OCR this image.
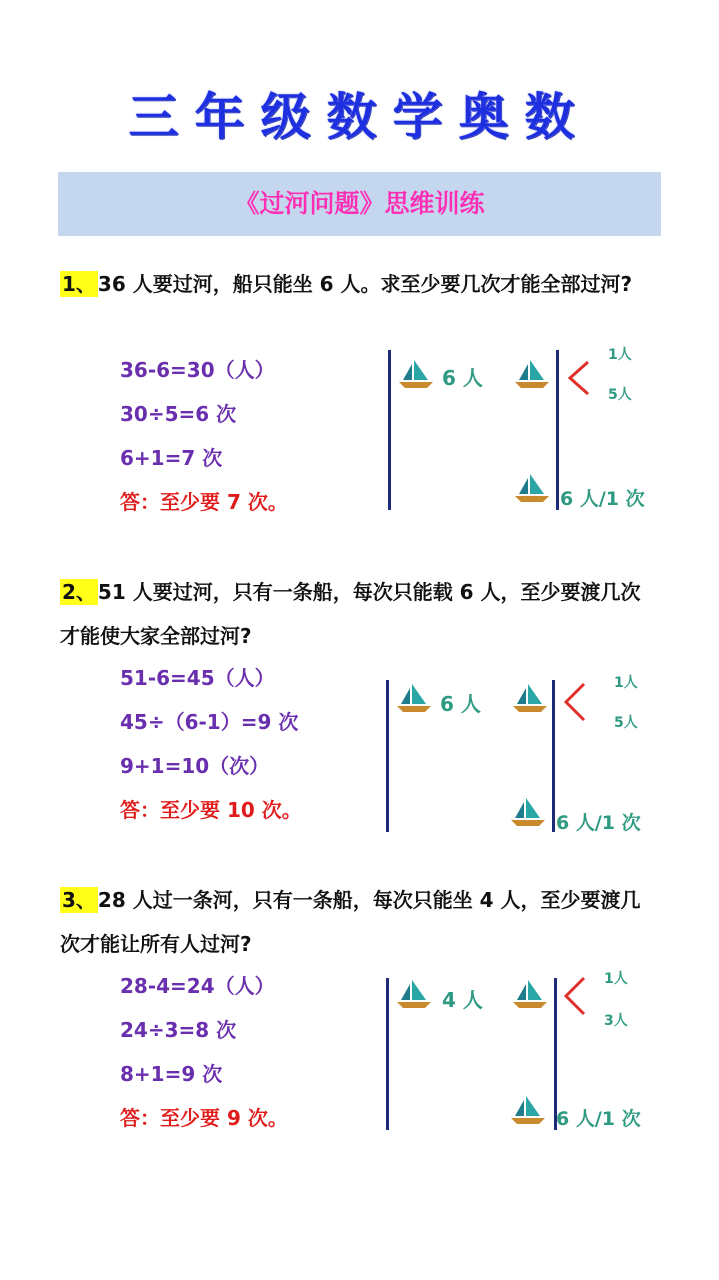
三年级数学奥数
《过河问题》思维训练
1、 36 人要过河，船只能坐 6 人。求至少要几次才能全部过河?
36-6=30（人）
30÷5=6 次
6+1=7 次
答：至少要 7 次。
6 人
1人
5人
6 人/1 次
2、 51 人要过河，只有一条船，每次只能载 6 人，至少要渡几次才能使大家全部过河?
51-6=45（人）
45÷（6-1）=9 次
9+1=10（次）
答：至少要 10 次。
6 人
1人
5人
6 人/1 次
3、 28 人过一条河，只有一条船，每次只能坐 4 人，至少要渡几次才能让所有人过河?
28-4=24（人）
24÷3=8 次
8+1=9 次
答：至少要 9 次。
4 人
1人
3人
6 人/1 次
